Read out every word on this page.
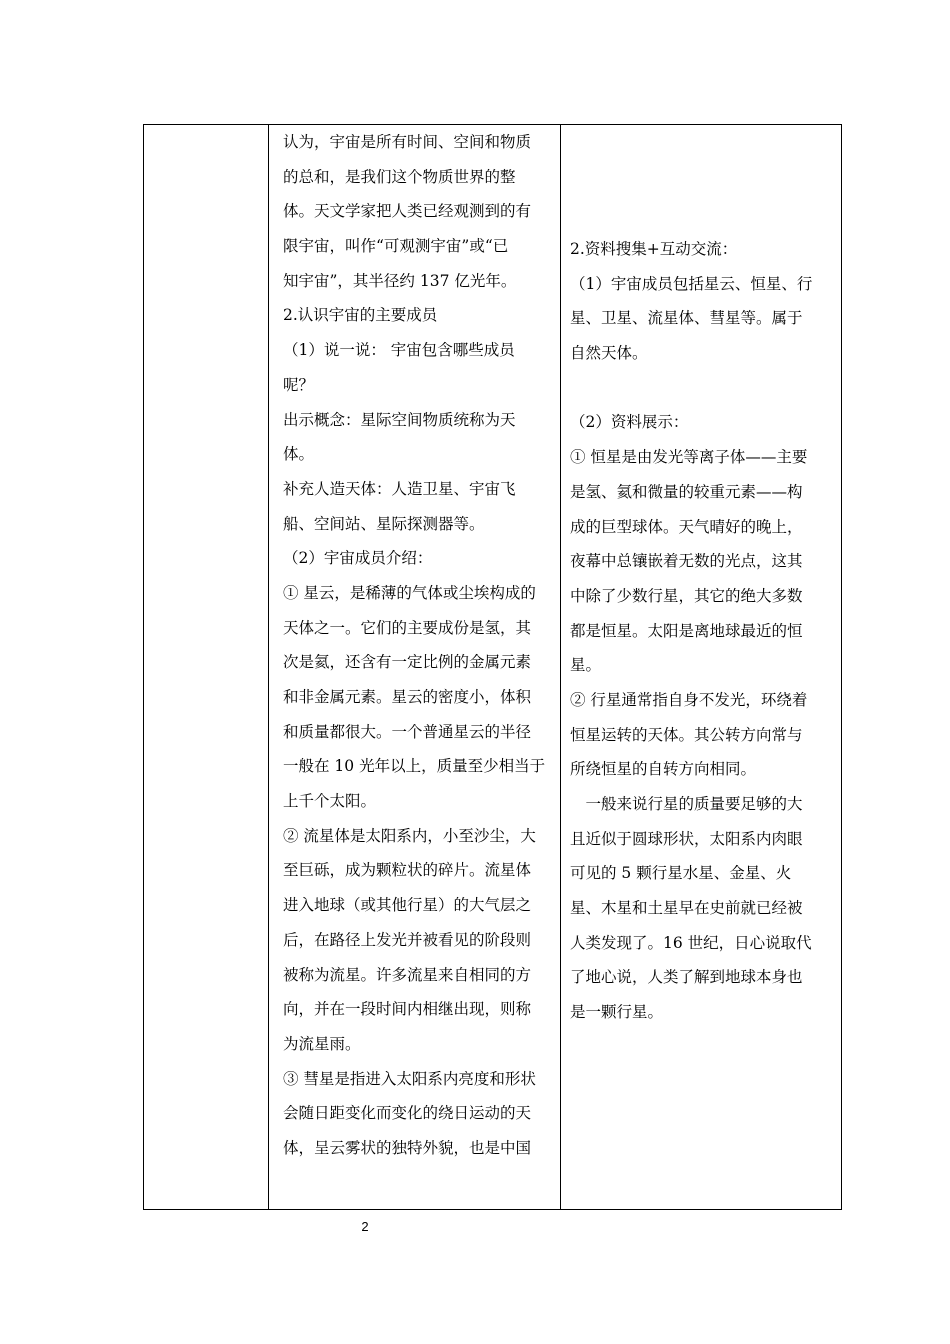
认为，宇宙是所有时间、空间和物质
的总和，是我们这个物质世界的整
体。天文学家把人类已经观测到的有
限宇宙，叫作“可观测宇宙”或“已
知宇宙”，其半径约 137 亿光年。
2.认识宇宙的主要成员
（1）说一说： 宇宙包含哪些成员
呢？
出示概念：星际空间物质统称为天
体。
补充人造天体：人造卫星、宇宙飞
船、空间站、星际探测器等。
（2）宇宙成员介绍：
① 星云，是稀薄的气体或尘埃构成的
天体之一。它们的主要成份是氢，其
次是氦，还含有一定比例的金属元素
和非金属元素。星云的密度小，体积
和质量都很大。一个普通星云的半径
一般在 10 光年以上，质量至少相当于
上千个太阳。
② 流星体是太阳系内，小至沙尘，大
至巨砾，成为颗粒状的碎片。流星体
进入地球（或其他行星）的大气层之
后，在路径上发光并被看见的阶段则
被称为流星。许多流星来自相同的方
向，并在一段时间内相继出现，则称
为流星雨。
③ 彗星是指进入太阳系内亮度和形状
会随日距变化而变化的绕日运动的天
体，呈云雾状的独特外貌，也是中国
2.资料搜集+互动交流：
（1）宇宙成员包括星云、恒星、行
星、卫星、流星体、彗星等。属于
自然天体。
（2）资料展示：
① 恒星是由发光等离子体——主要
是氢、氦和微量的较重元素——构
成的巨型球体。天气晴好的晚上，
夜幕中总镶嵌着无数的光点，这其
中除了少数行星，其它的绝大多数
都是恒星。太阳是离地球最近的恒
星。
② 行星通常指自身不发光，环绕着
恒星运转的天体。其公转方向常与
所绕恒星的自转方向相同。
　一般来说行星的质量要足够的大
且近似于圆球形状，太阳系内肉眼
可见的 5 颗行星水星、金星、火
星、木星和土星早在史前就已经被
人类发现了。16 世纪，日心说取代
了地心说，人类了解到地球本身也
是一颗行星。
2
